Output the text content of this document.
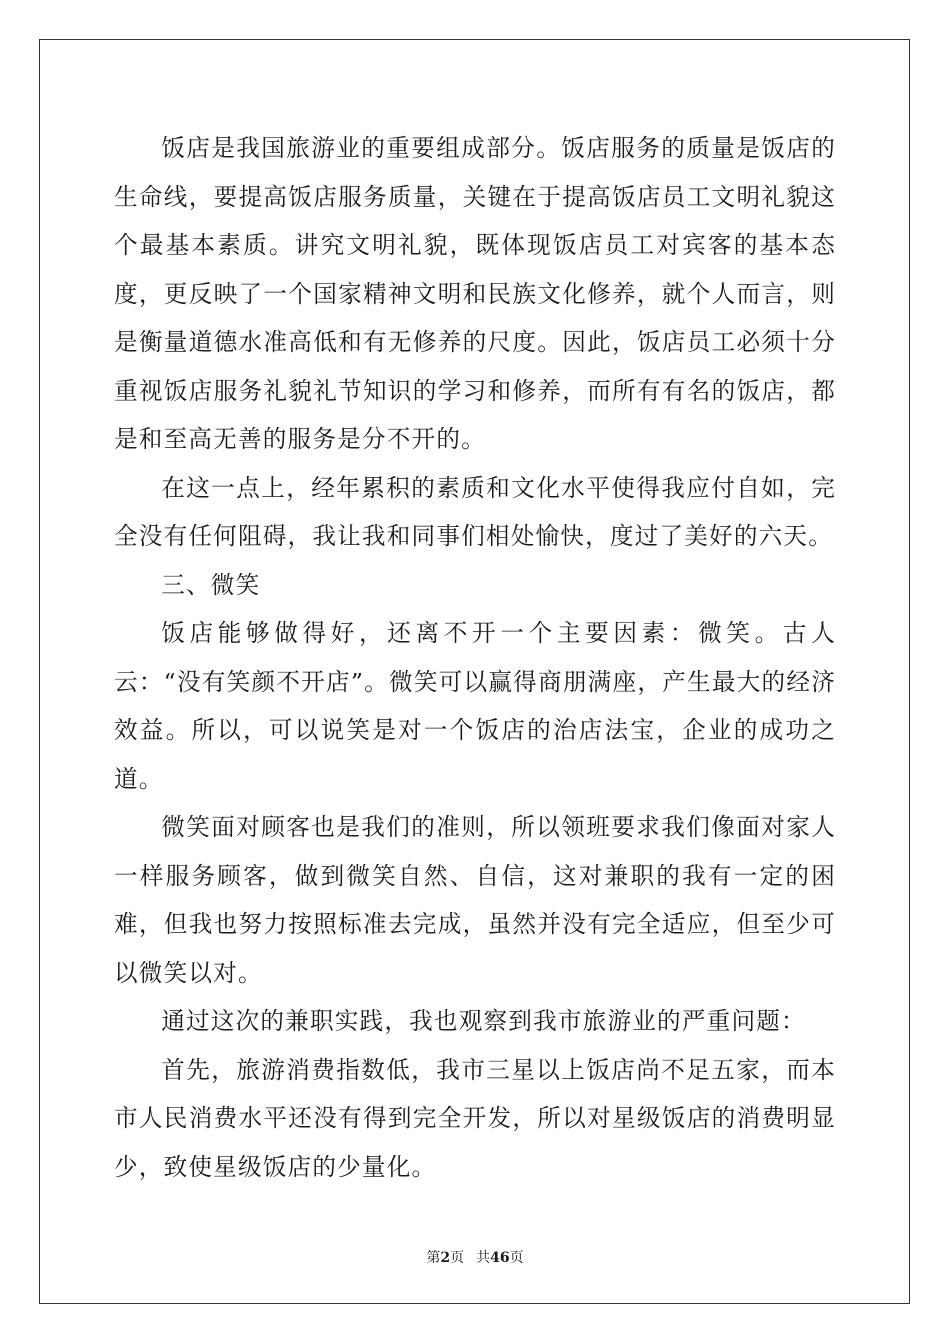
饭店是我国旅游业的重要组成部分。饭店服务的质量是饭店的生命线，要提高饭店服务质量，关键在于提高饭店员工文明礼貌这个最基本素质。讲究文明礼貌，既体现饭店员工对宾客的基本态度，更反映了一个国家精神文明和民族文化修养，就个人而言，则是衡量道德水准高低和有无修养的尺度。因此，饭店员工必须十分重视饭店服务礼貌礼节知识的学习和修养，而所有有名的饭店，都是和至高无善的服务是分不开的。

在这一点上，经年累积的素质和文化水平使得我应付自如，完全没有任何阻碍，我让我和同事们相处愉快，度过了美好的六天。

三、微笑

饭店能够做得好，还离不开一个主要因素：微笑。古人云：“没有笑颜不开店”。微笑可以赢得商朋满座，产生最大的经济效益。所以，可以说笑是对一个饭店的治店法宝，企业的成功之道。

微笑面对顾客也是我们的准则，所以领班要求我们像面对家人一样服务顾客，做到微笑自然、自信，这对兼职的我有一定的困难，但我也努力按照标准去完成，虽然并没有完全适应，但至少可以微笑以对。

通过这次的兼职实践，我也观察到我市旅游业的严重问题：

首先，旅游消费指数低，我市三星以上饭店尚不足五家，而本市人民消费水平还没有得到完全开发，所以对星级饭店的消费明显少，致使星级饭店的少量化。

第2页 共46页
